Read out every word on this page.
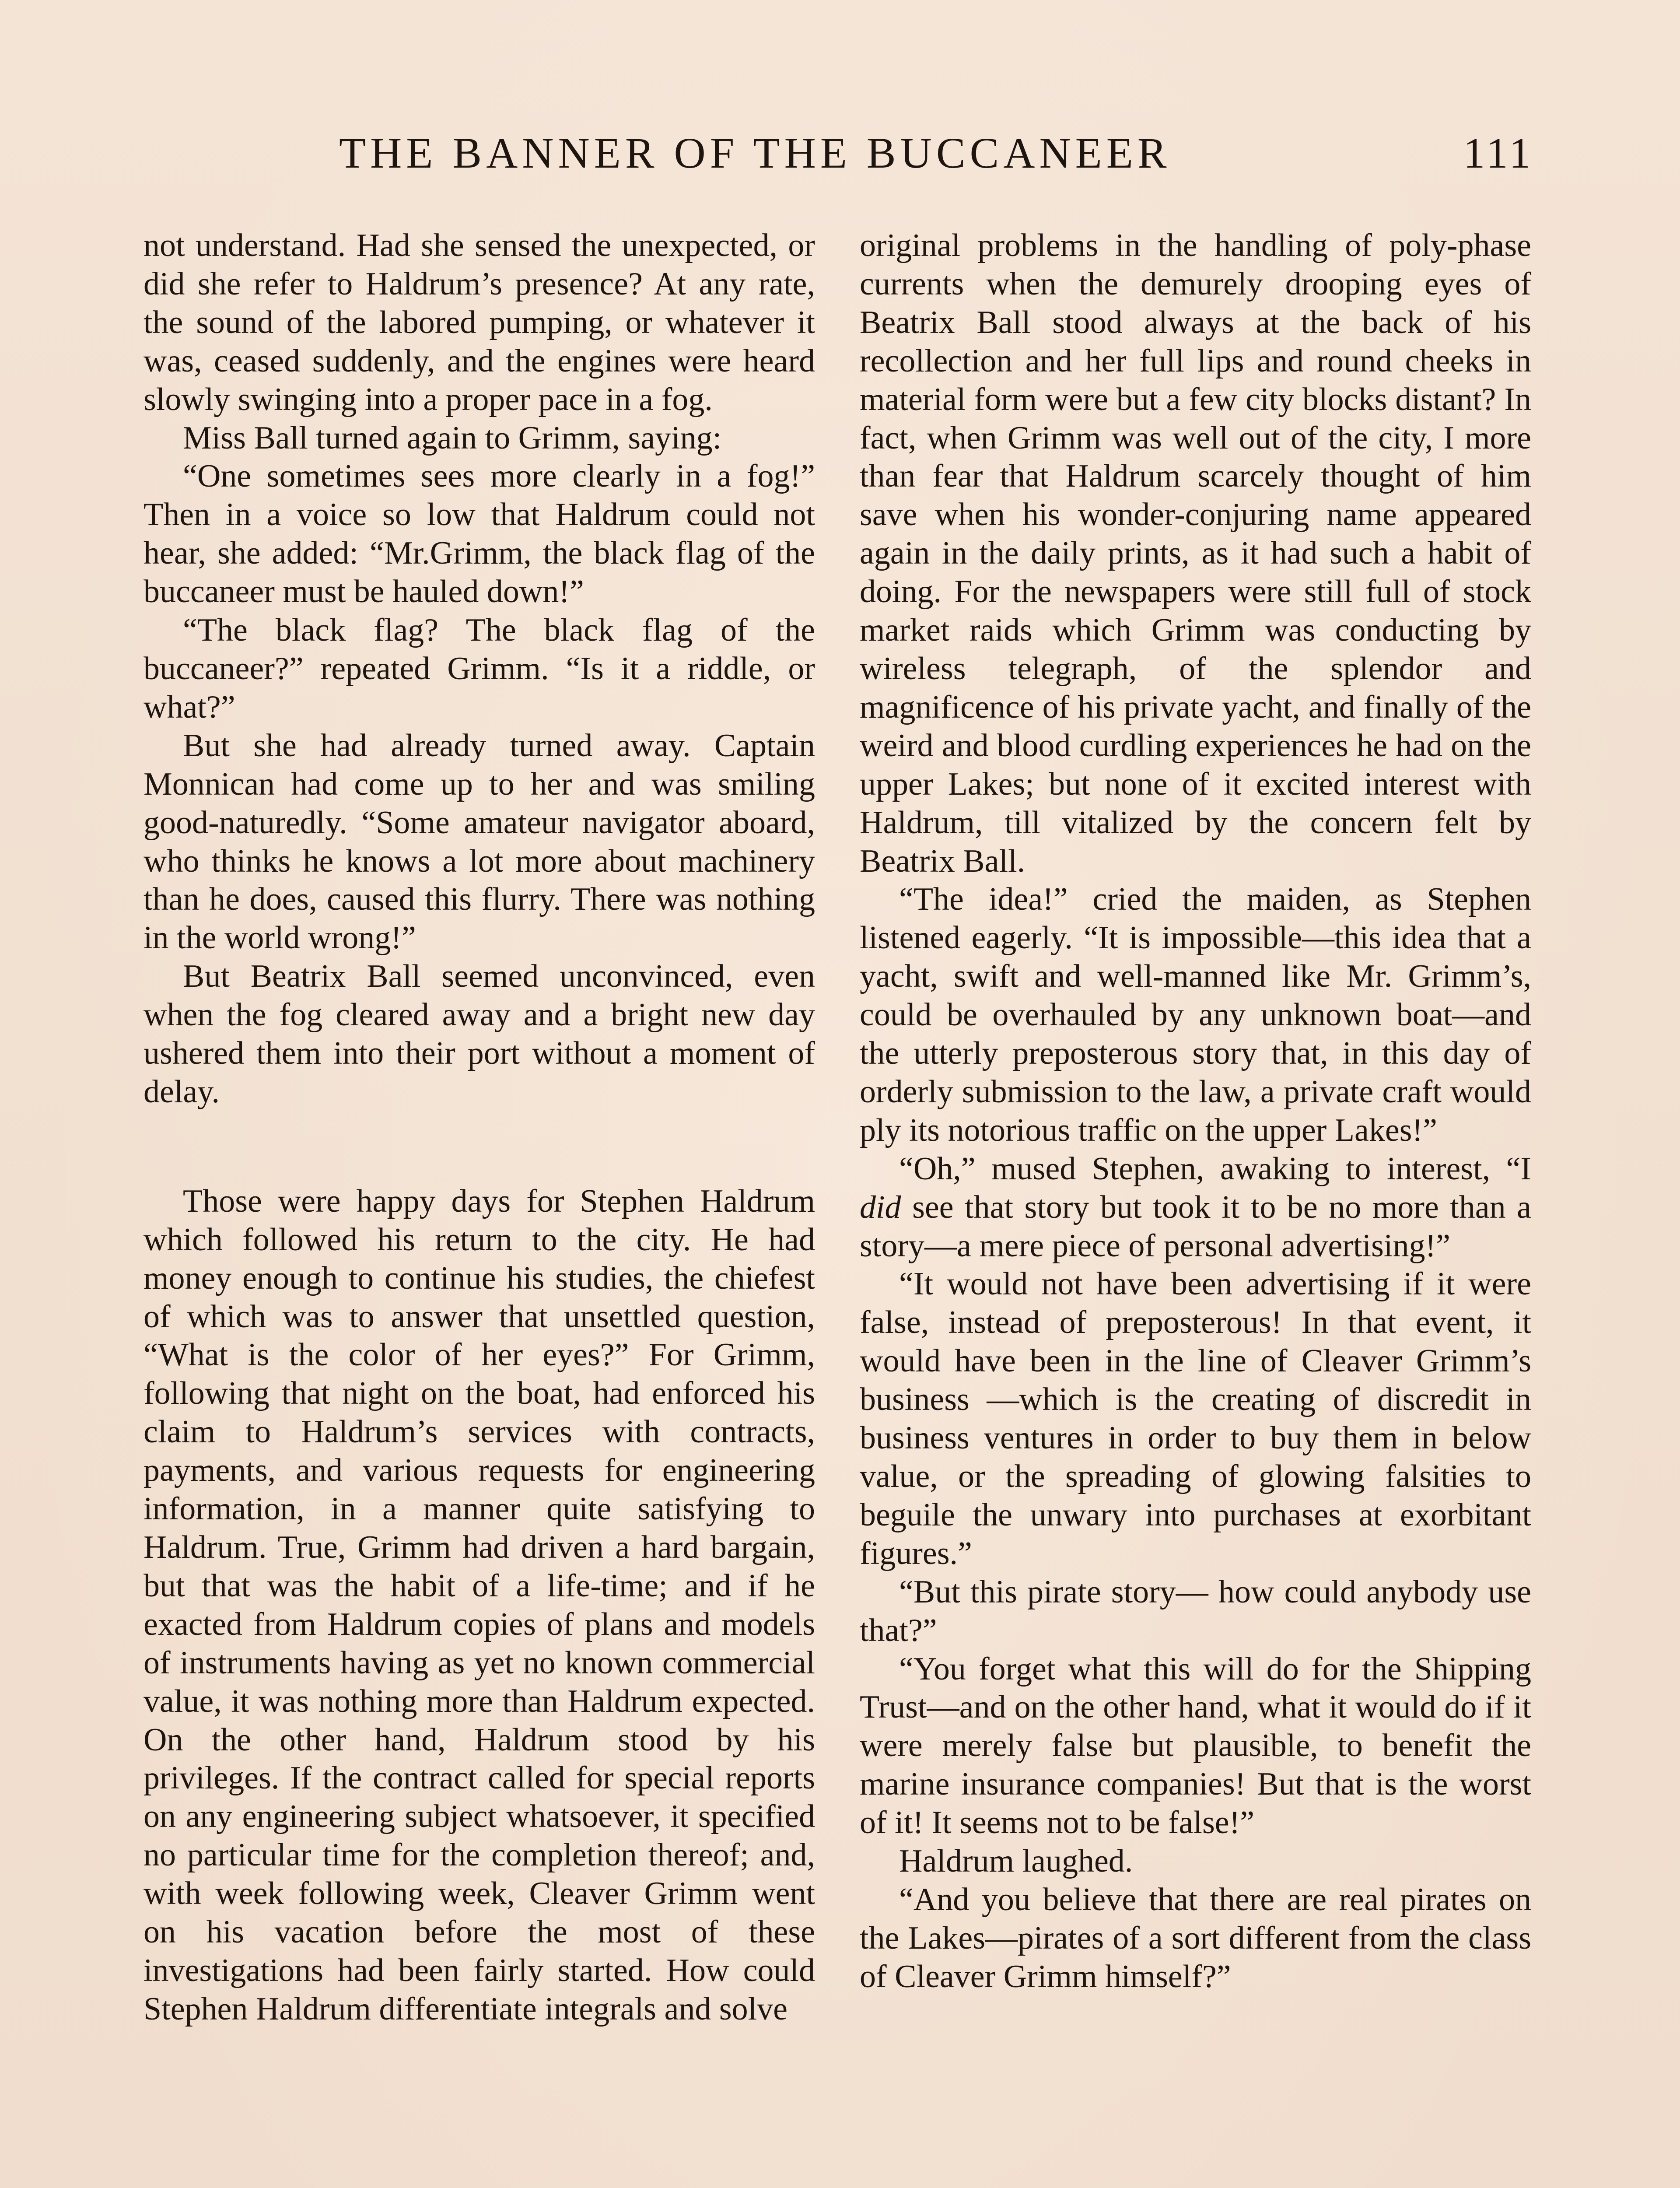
THE BANNER OF THE BUCCANEER	111

not understand. Had she sensed the unexpected, or did she refer to Haldrum’s presence? At any rate, the sound of the labored pumping, or whatever it was, ceased suddenly, and the engines were heard slowly swinging into a proper pace in a fog.

Miss Ball turned again to Grimm, saying:

“One sometimes sees more clearly in a fog!” Then in a voice so low that Haldrum could not hear, she added: “Mr.Grimm, the black flag of the buccaneer must be hauled down!”

“The black flag? The black flag of the buccaneer?” repeated Grimm. “Is it a riddle, or what?”

But she had already turned away. Captain Monnican had come up to her and was smiling good-naturedly. “Some amateur navigator aboard, who thinks he knows a lot more about machinery than he does, caused this flurry. There was nothing in the world wrong!”

But Beatrix Ball seemed unconvinced, even when the fog cleared away and a bright new day ushered them into their port without a moment of delay.

Those were happy days for Stephen Haldrum which followed his return to the city. He had money enough to continue his studies, the chiefest of which was to answer that unsettled question, “What is the color of her eyes?” For Grimm, following that night on the boat, had enforced his claim to Haldrum’s services with contracts, payments, and various requests for engineering information, in a manner quite satisfying to Haldrum. True, Grimm had driven a hard bargain, but that was the habit of a life-time; and if he exacted from Haldrum copies of plans and models of instruments having as yet no known commercial value, it was nothing more than Haldrum expected. On the other hand, Haldrum stood by his privileges. If the contract called for special reports on any engineering subject whatsoever, it specified no particular time for the completion thereof; and, with week following week, Cleaver Grimm went on his vacation before the most of these investigations had been fairly started. How could Stephen Haldrum differentiate integrals and solve

original problems in the handling of poly-phase currents when the demurely drooping eyes of Beatrix Ball stood always at the back of his recollection and her full lips and round cheeks in material form were but a few city blocks distant? In fact, when Grimm was well out of the city, I more than fear that Haldrum scarcely thought of him save when his wonder-conjuring name appeared again in the daily prints, as it had such a habit of doing. For the newspapers were still full of stock market raids which Grimm was conducting by wireless telegraph, of the splendor and magnificence of his private yacht, and finally of the weird and blood curdling experiences he had on the upper Lakes; but none of it excited interest with Haldrum, till vitalized by the concern felt by Beatrix Ball.

“The idea!” cried the maiden, as Stephen listened eagerly. “It is impossible—this idea that a yacht, swift and well-manned like Mr. Grimm’s, could be overhauled by any unknown boat—and the utterly preposterous story that, in this day of orderly submission to the law, a private craft would ply its notorious traffic on the upper Lakes!”

“Oh,” mused Stephen, awaking to interest, “I did see that story but took it to be no more than a story—a mere piece of personal advertising!”

“It would not have been advertising if it were false, instead of preposterous! In that event, it would have been in the line of Cleaver Grimm’s business —which is the creating of discredit in business ventures in order to buy them in below value, or the spreading of glowing falsities to beguile the unwary into purchases at exorbitant figures.”

“But this pirate story— how could anybody use that?”

“You forget what this will do for the Shipping Trust—and on the other hand, what it would do if it were merely false but plausible, to benefit the marine insurance companies! But that is the worst of it! It seems not to be false!”

Haldrum laughed.

“And you believe that there are real pirates on the Lakes—pirates of a sort different from the class of Cleaver Grimm himself?”
